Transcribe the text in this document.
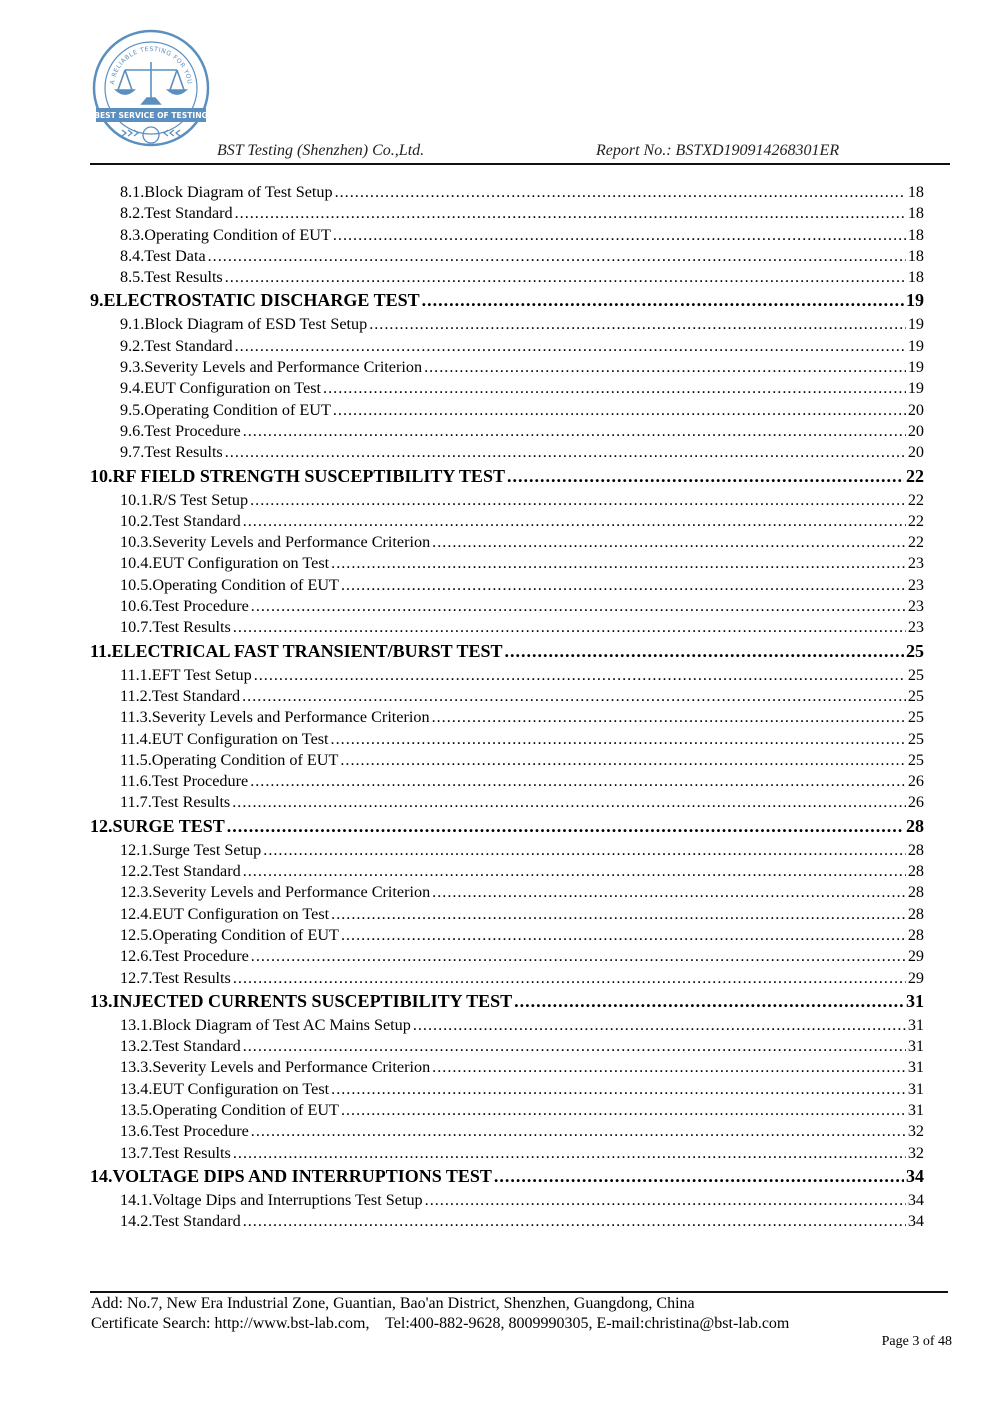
A RELIABLE TESTING FOR YOU
BEST SERVICE OF TESTING
BST Testing (Shenzhen) Co.,Ltd.	Report No.: BSTXD190914268301ER
8.1. Block Diagram of Test Setup .....	18
8.2. Test Standard .....	18
8.3. Operating Condition of EUT .....	18
8.4. Test Data .....	18
8.5. Test Results .....	18
9. ELECTROSTATIC DISCHARGE TEST .....	19
9.1. Block Diagram of ESD Test Setup .....	19
9.2. Test Standard .....	19
9.3. Severity Levels and Performance Criterion .....	19
9.4. EUT Configuration on Test .....	19
9.5. Operating Condition of EUT .....	20
9.6. Test Procedure .....	20
9.7. Test Results .....	20
10. RF FIELD STRENGTH SUSCEPTIBILITY TEST .....	22
10.1. R/S Test Setup .....	22
10.2. Test Standard .....	22
10.3. Severity Levels and Performance Criterion .....	22
10.4. EUT Configuration on Test .....	23
10.5. Operating Condition of EUT .....	23
10.6. Test Procedure .....	23
10.7. Test Results .....	23
11. ELECTRICAL FAST TRANSIENT/BURST TEST .....	25
11.1. EFT Test Setup .....	25
11.2. Test Standard .....	25
11.3. Severity Levels and Performance Criterion .....	25
11.4. EUT Configuration on Test .....	25
11.5. Operating Condition of EUT .....	25
11.6. Test Procedure .....	26
11.7. Test Results .....	26
12. SURGE TEST .....	28
12.1. Surge Test Setup .....	28
12.2. Test Standard .....	28
12.3. Severity Levels and Performance Criterion .....	28
12.4. EUT Configuration on Test .....	28
12.5. Operating Condition of EUT .....	28
12.6. Test Procedure .....	29
12.7. Test Results .....	29
13. INJECTED CURRENTS SUSCEPTIBILITY TEST .....	31
13.1. Block Diagram of Test AC Mains Setup .....	31
13.2. Test Standard .....	31
13.3. Severity Levels and Performance Criterion .....	31
13.4. EUT Configuration on Test .....	31
13.5. Operating Condition of EUT .....	31
13.6. Test Procedure .....	32
13.7. Test Results .....	32
14. VOLTAGE DIPS AND INTERRUPTIONS TEST .....	34
14.1. Voltage Dips and Interruptions Test Setup .....	34
14.2. Test Standard .....	34
Add: No.7, New Era Industrial Zone, Guantian, Bao'an District, Shenzhen, Guangdong, China
Certificate Search: http://www.bst-lab.com,    Tel:400-882-9628, 8009990305, E-mail:christina@bst-lab.com
Page 3 of 48
